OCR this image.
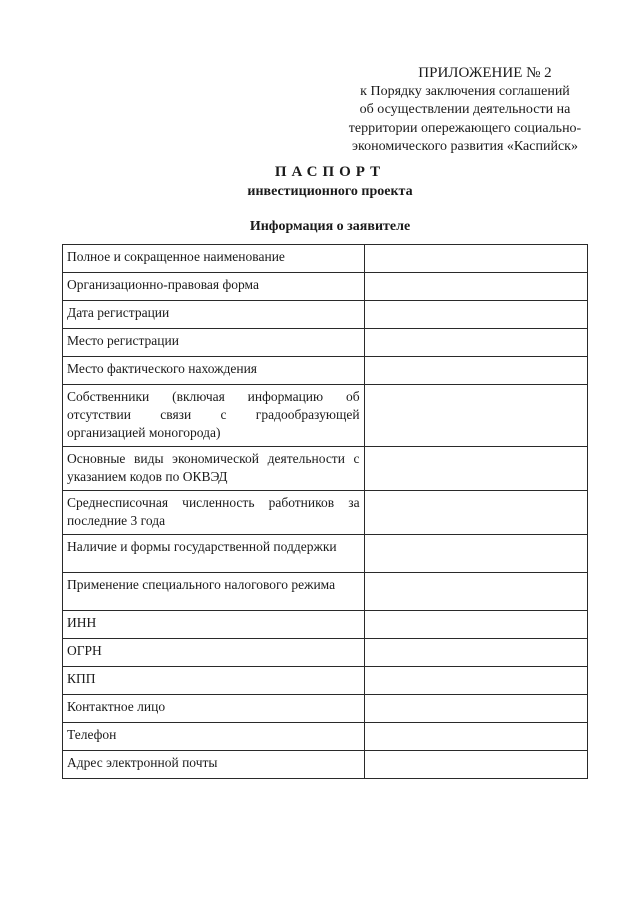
ПРИЛОЖЕНИЕ № 2
к Порядку заключения соглашений
об осуществлении деятельности на
территории опережающего социально-
экономического развития «Каспийск»
ПАСПОРТ
инвестиционного проекта
Информация о заявителе
Полное и сокращенное наименование	
Организационно-правовая форма	
Дата регистрации	
Место регистрации	
Место фактического нахождения	
Собственники (включая информацию об отсутствии связи с градообразующей организацией моногорода)	
Основные виды экономической деятельности с указанием кодов по ОКВЭД	
Среднесписочная численность работников за последние 3 года	
Наличие и формы государственной поддержки	
Применение специального налогового режима	
ИНН	
ОГРН	
КПП	
Контактное лицо	
Телефон	
Адрес электронной почты	
